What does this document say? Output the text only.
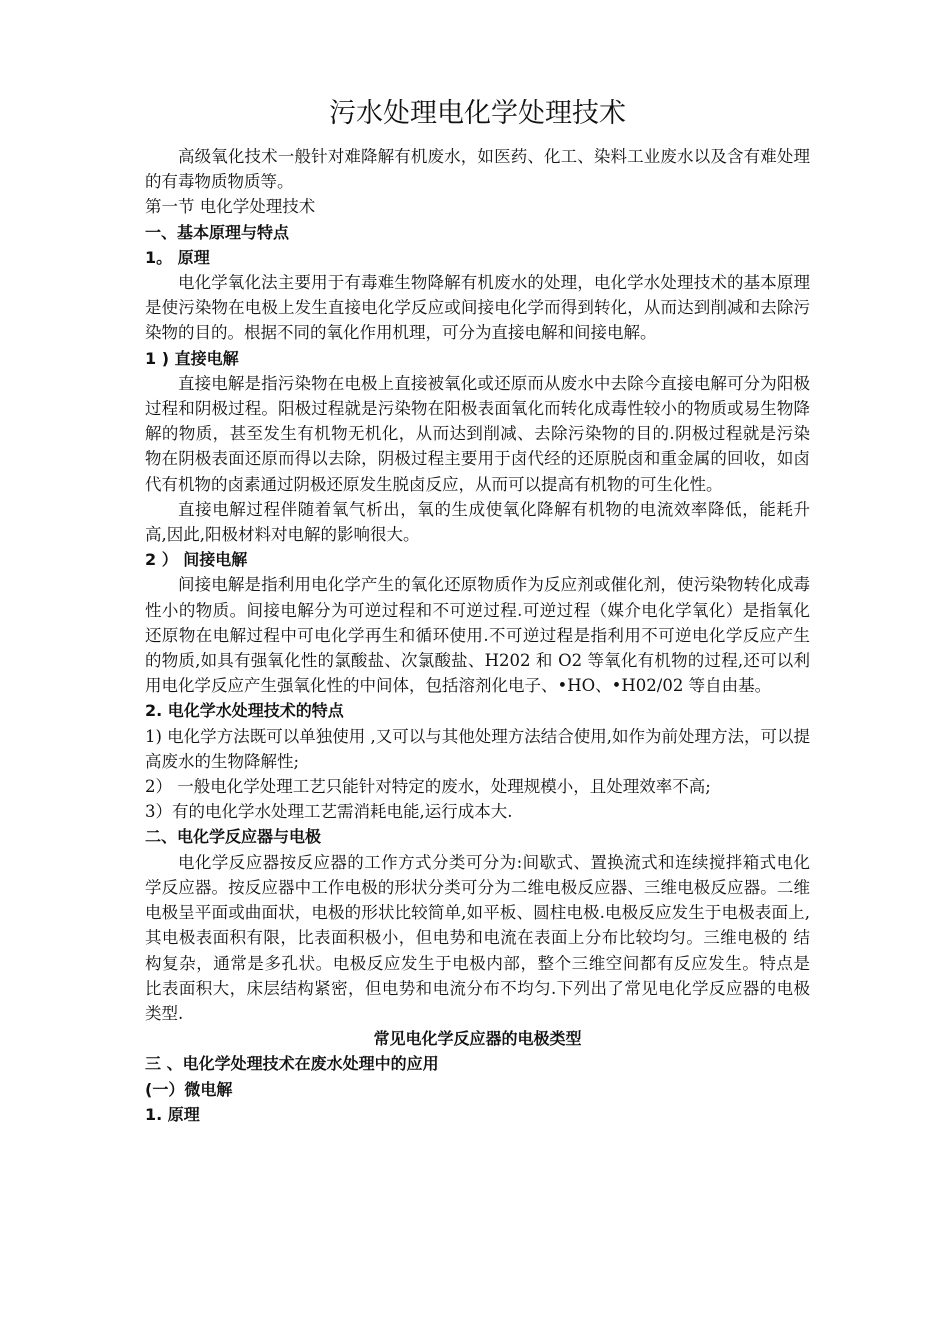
污水处理电化学处理技术

高级氧化技术一般针对难降解有机废水，如医药、化工、染料工业废水以及含有难处理的有毒物质物质等。

第一节 电化学处理技术

一、基本原理与特点

1。 原理

电化学氧化法主要用于有毒难生物降解有机废水的处理，电化学水处理技术的基本原理是使污染物在电极上发生直接电化学反应或间接电化学而得到转化，从而达到削减和去除污染物的目的。根据不同的氧化作用机理，可分为直接电解和间接电解。

1 ) 直接电解

直接电解是指污染物在电极上直接被氧化或还原而从废水中去除今直接电解可分为阳极 过程和阴极过程。阳极过程就是污染物在阳极表面氧化而转化成毒性较小的物质或易生物降 解的物质，甚至发生有机物无机化，从而达到削减、去除污染物的目的.阴极过程就是污染 物在阴极表面还原而得以去除，阴极过程主要用于卤代经的还原脱卤和重金属的回收，如卤 代有机物的卤素通过阴极还原发生脱卤反应，从而可以提高有机物的可生化性。

直接电解过程伴随着氧气析出，氧的生成使氧化降解有机物的电流效率降低，能耗升高,因此,阳极材料对电解的影响很大。

2 ） 间接电解

间接电解是指利用电化学产生的氧化还原物质作为反应剂或催化剂，使污染物转化成毒 性小的物质。间接电解分为可逆过程和不可逆过程.可逆过程（媒介电化学氧化）是指氧化 还原物在电解过程中可电化学再生和循环使用.不可逆过程是指利用不可逆电化学反应产生 的物质,如具有强氧化性的氯酸盐、次氯酸盐、H202 和 O2 等氧化有机物的过程,还可以利 用电化学反应产生强氧化性的中间体，包括溶剂化电子、•HO、•H02/02 等自由基。

2. 电化学水处理技术的特点

1) 电化学方法既可以单独使用 ,又可以与其他处理方法结合使用,如作为前处理方法，可以提高废水的生物降解性;

2） 一般电化学处理工艺只能针对特定的废水，处理规模小，且处理效率不高;

3）有的电化学水处理工艺需消耗电能,运行成本大.

二、电化学反应器与电极

电化学反应器按反应器的工作方式分类可分为:间歇式、置换流式和连续搅拌箱式电化 学反应器。按反应器中工作电极的形状分类可分为二维电极反应器、三维电极反应器。二维 电极呈平面或曲面状，电极的形状比较简单,如平板、圆柱电极.电极反应发生于电极表面上,其电极表面积有限，比表面积极小，但电势和电流在表面上分布比较均匀。三维电极的 结构复杂，通常是多孔状。电极反应发生于电极内部，整个三维空间都有反应发生。特点是 比表面积大，床层结构紧密，但电势和电流分布不均匀.下列出了常见电化学反应器的电极类型.

常见电化学反应器的电极类型

三 、电化学处理技术在废水处理中的应用

(一）微电解

1. 原理
